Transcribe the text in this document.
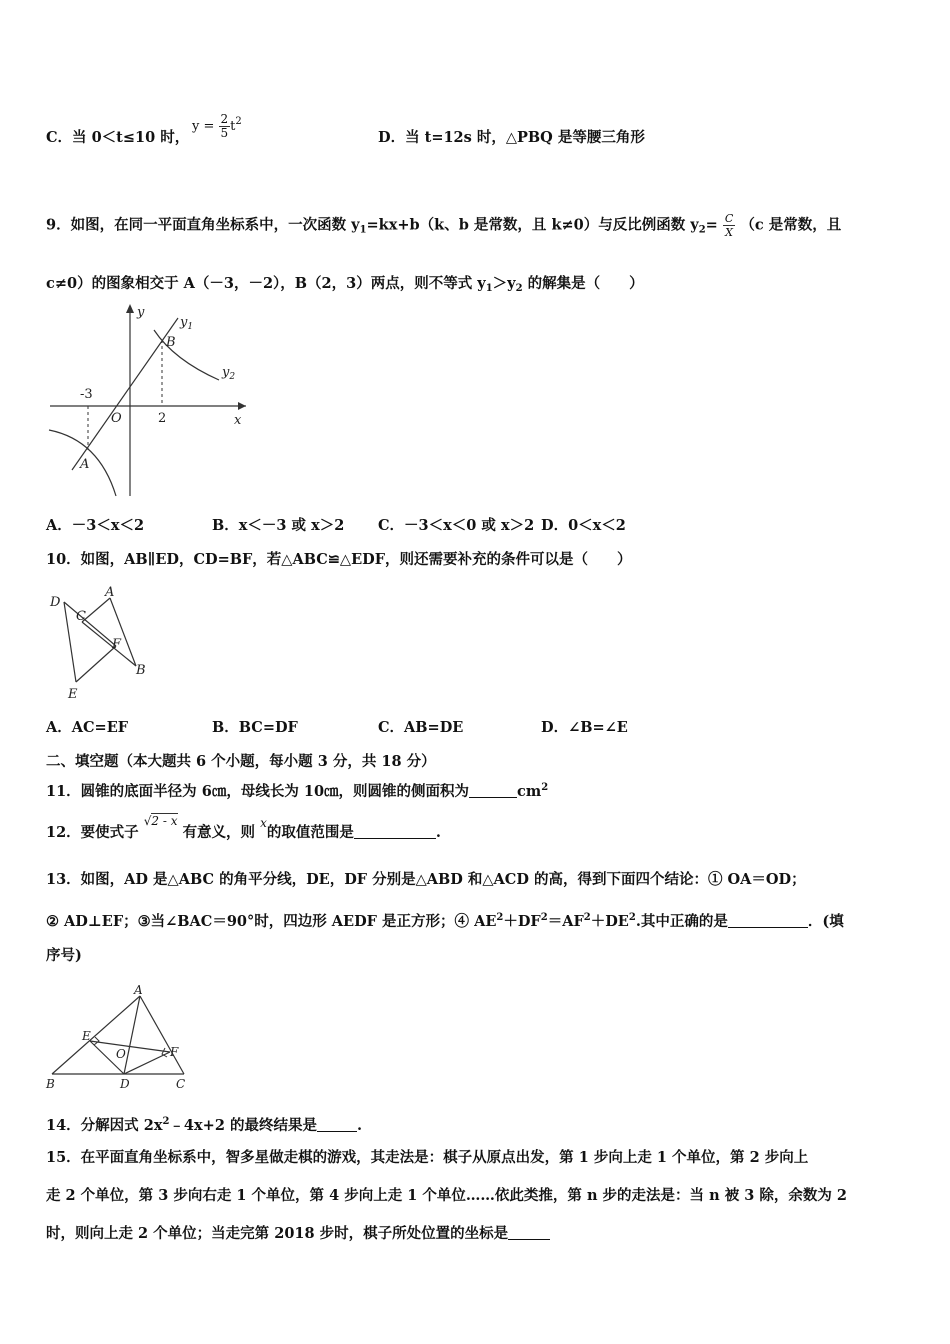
C．当 0＜t≤10 时，
$y = \frac{2}{5} t^2$
D．当 t=12s 时，△PBQ 是等腰三角形
9．如图，在同一平面直角坐标系中，一次函数 $y_1=kx+b(k$、b 是常数，且 k≠0）与反比例函数 $y_2= \frac{C}{X} (c$ 是常数，且
c≠0）的图象相交于 A（－3，－2），B（2，3）两点，则不等式 $y_1>y_2$ 的解集是（　　）
y
$y_1$
$y_2$
B
A
O	x
-3
2
A．－3＜x＜2	B．x＜－3 或 x＞2 C．－3＜x＜0 或 x＞2 D．0＜x＜2
10．如图，AB∥ED，CD=BF，若△ABC≌△EDF，则还需要补充的条件可以是（　　）
D
A
C
F
B
E
A．AC=EF	B．BC=DF	C．AB=DE	D．∠B=∠E
二、填空题（本大题共 6 个小题，每小题 3 分，共 18 分）
11．圆锥的底面半径为 6㎝，母线长为 10㎝，则圆锥的侧面积为	$cm^2$
12．要使式子 √2 - x 有意义，则 x的取值范围是	.
13．如图，AD 是△ABC 的角平分线，DE，DF 分别是△ABD 和△ACD 的高，得到下面四个结论：① OA＝OD；
② AD⊥EF；③当∠BAC＝90°时，四边形 AEDF 是正方形；④ $AE^2+DF^2=AF^2+DE^2$.其中正确的是	．(填
序号)
A
E
O	F
B	D	C
14．分解因式 $2x^2﹣4x+2$ 的最终结果是	.
15．在平面直角坐标系中，智多星做走棋的游戏，其走法是：棋子从原点出发，第 1 步向上走 1 个单位，第 2 步向上
走 2 个单位，第 3 步向右走 1 个单位，第 4 步向上走 1 个单位……依此类推，第 n 步的走法是：当 n 被 3 除，余数为 2
时，则向上走 2 个单位；当走完第 2018 步时，棋子所处位置的坐标是
